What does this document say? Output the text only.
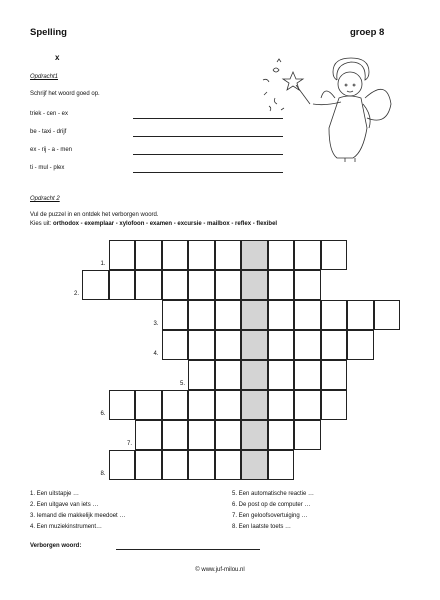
Spelling	groep 8
x
Opdracht1
Schrijf het woord goed op.
triek - cen - ex
be - taxi - drijf
ex - rij - a - men
ti - mul - plex
Opdracht 2
Vul de puzzel in en ontdek het verborgen woord.
Kies uit: orthodox - exemplaar - xylofoon - examen - excursie - mailbox - reflex - flexibel
1.
2.
3.
4.
5.
6.
7.
8.
1. Een uitstapje …
2. Een uitgave van iets …
3. Iemand die makkelijk meedoet …
4. Een muziekinstrument…
5. Een automatische reactie …
6. De post op de computer …
7. Een geloofsovertuiging …
8. Een laatste toets …
Verborgen woord:
© www.juf-milou.nl
